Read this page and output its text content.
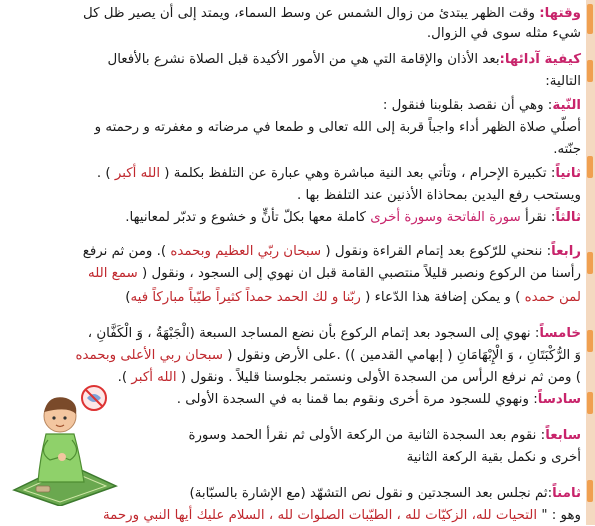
وقتها: وقت الظهر يبتدئ من زوال الشمس عن وسط السماء، ويمتد إلى أن يصير ظل كل
شيء مثله سوى في الزوال.
كيفية آدائها:بعد الأذان والإقامة التي هي من الأمور الأكيدة قبل الصلاة نشرع بالأفعال
التالية:
النّية: وهي أن نقصد بقلوبنا فنقول :
أصلّي صلاة الظهر أداء واجباً قربة إلى الله تعالى و طمعا في مرضاته و مغفرته و رحمته و
جنّته.
ثانياً: تكبيرة الإحرام ، وتأتي بعد النية مباشرة وهي عبارة عن التلفظ بكلمة ( الله أكبر ) .
ويستحب رفع اليدين بمحاذاة الأذنين عند التلفظ بها .
ثالثاً: نقرأ سورة الفاتحة وسورة أخرى كاملة معها بكلّ تأنٍّ و خشوع و تدبّر لمعانيها.
رابعاً: ننحني للرّكوع بعد إتمام القراءة ونقول ( سبحان ربّي العظيم وبحمده ). ومن ثم نرفع
رأسنا من الركوع ونصبر قليلاً منتصبي القامة قبل ان نهوي إلى السجود ، ونقول ( سمع الله
لمن حمده ) و يمكن إضافة هذا الدّعاء ( ربّنا و لك الحمد حمداً كثيراً طيّباً مباركاً فيه)
خامساً: نهوي إلى السجود بعد إتمام الركوع بأن نضع المساجد السبعة (الْجَبْهَةُ ، وَ الْكَفَّانِ ،
وَ الرُّكْبَتَانِ ، وَ الْإِبْهَامَانِ ( إبهامي القدمين )) .على الأرض ونقول ( سبحان ربي الأعلى وبحمده
) ومن ثم نرفع الرأس من السجدة الأولى ونستمر بجلوسنا قليلاً . ونقول ( الله أكبر ).
سادساً: ونهوي للسجود مرة أخرى ونقوم بما قمنا به في السجدة الأولى .
سابعاً: نقوم بعد السجدة الثانية من الركعة الأولى ثم نقرأ الحمد وسورة
أخرى و نكمل بقية الركعة الثانية
ثامناً:ثم نجلس بعد السجدتين و نقول نص التشهّد (مع الإشارة بالسبّابة)
وهو : " التحيات لله، الزكيّات لله ، الطيّبات الصلوات لله ، السلام عليك أيها النبي ورحمة
